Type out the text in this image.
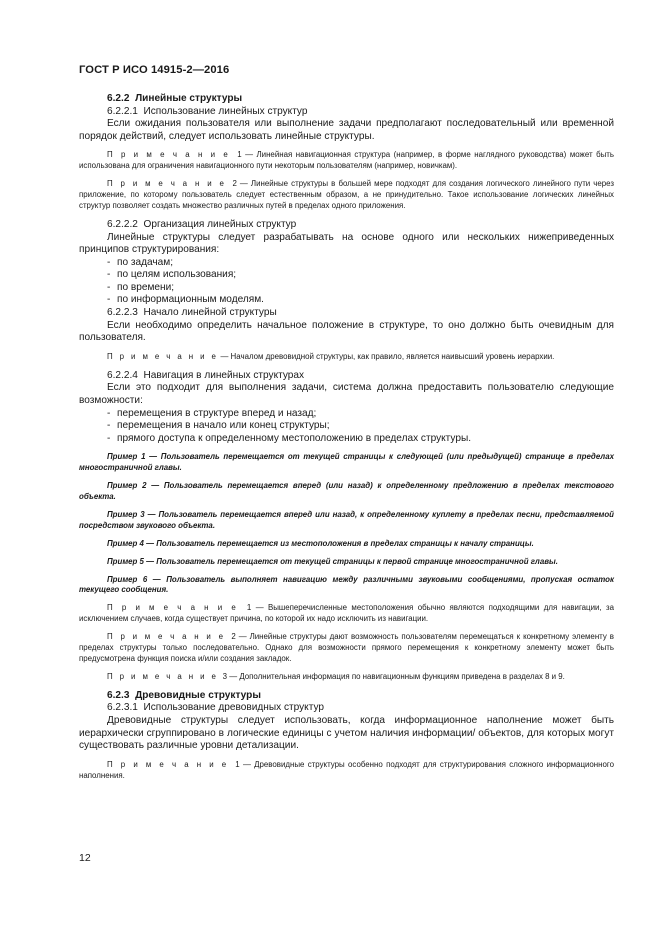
ГОСТ Р ИСО 14915-2—2016

6.2.2 Линейные структуры

6.2.2.1 Использование линейных структур

Если ожидания пользователя или выполнение задачи предполагают последовательный или временной порядок действий, следует использовать линейные структуры.

П р и м е ч а н и е 1 — Линейная навигационная структура (например, в форме наглядного руководства) может быть использована для ограничения навигационного пути некоторым пользователям (например, новичкам).

П р и м е ч а н и е 2 — Линейные структуры в большей мере подходят для создания логического линейного пути через приложение, по которому пользователь следует естественным образом, а не принудительно. Такое использование логических линейных структур позволяет создать множество различных путей в пределах одного приложения.

6.2.2.2 Организация линейных структур

Линейные структуры следует разрабатывать на основе одного или нескольких нижеприведенных принципов структурирования:

- по задачам;

- по целям использования;

- по времени;

- по информационным моделям.

6.2.2.3 Начало линейной структуры

Если необходимо определить начальное положение в структуре, то оно должно быть очевидным для пользователя.

П р и м е ч а н и е — Началом древовидной структуры, как правило, является наивысший уровень иерархии.

6.2.2.4 Навигация в линейных структурах

Если это подходит для выполнения задачи, система должна предоставить пользователю следующие возможности:

- перемещения в структуре вперед и назад;

- перемещения в начало или конец структуры;

- прямого доступа к определенному местоположению в пределах структуры.

Пример 1 — Пользователь перемещается от текущей страницы к следующей (или предыдущей) странице в пределах многостраничной главы.

Пример 2 — Пользователь перемещается вперед (или назад) к определенному предложению в пределах текстового объекта.

Пример 3 — Пользователь перемещается вперед или назад, к определенному куплету в пределах песни, представляемой посредством звукового объекта.

Пример 4 — Пользователь перемещается из местоположения в пределах страницы к началу страницы.

Пример 5 — Пользователь перемещается от текущей страницы к первой странице многостраничной главы.

Пример 6 — Пользователь выполняет навигацию между различными звуковыми сообщениями, пропуская остаток текущего сообщения.

П р и м е ч а н и е 1 — Вышеперечисленные местоположения обычно являются подходящими для навигации, за исключением случаев, когда существует причина, по которой их надо исключить из навигации.

П р и м е ч а н и е 2 — Линейные структуры дают возможность пользователям перемещаться к конкретному элементу в пределах структуры только последовательно. Однако для возможности прямого перемещения к конкретному элементу может быть предусмотрена функция поиска и/или создания закладок.

П р и м е ч а н и е 3 — Дополнительная информация по навигационным функциям приведена в разделах 8 и 9.

6.2.3 Древовидные структуры

6.2.3.1 Использование древовидных структур

Древовидные структуры следует использовать, когда информационное наполнение может быть иерархически сгруппировано в логические единицы с учетом наличия информации/ объектов, для которых могут существовать различные уровни детализации.

П р и м е ч а н и е 1 — Древовидные структуры особенно подходят для структурирования сложного информационного наполнения.

12
